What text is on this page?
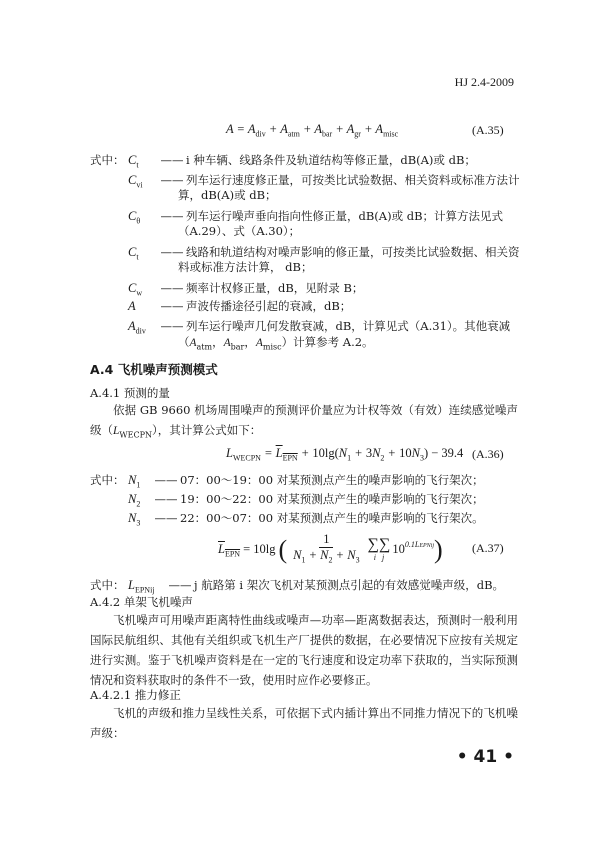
HJ 2.4-2009
$A = A_{div} + A_{atm} + A_{bar} + A_{gr} + A_{misc}$	(A.35)
式中： $C_t$	—— i 种车辆、线路条件及轨道结构等修正量，dB(A)或 dB；
$C_{vi}$	—— 列车运行速度修正量，可按类比试验数据、相关资料或标准方法计
算，dB(A)或 dB；
$C_\theta$	—— 列车运行噪声垂向指向性修正量，dB(A)或 dB；计算方法见式
（A.29）、式（A.30）；
$C_t$	—— 线路和轨道结构对噪声影响的修正量，可按类比试验数据、相关资
料或标准方法计算， dB；
$C_w$	—— 频率计权修正量，dB，见附录 B；
A	—— 声波传播途径引起的衰减，dB；
$A_{div}$	—— 列车运行噪声几何发散衰减，dB，计算见式（A.31）。其他衰减
（$A_{atm}$，$A_{bar}$，$A_{misc}$）计算参考 A.2。
A.4 飞机噪声预测模式
A.4.1 预测的量
依据 GB 9660 机场周围噪声的预测评价量应为计权等效（有效）连续感觉噪声级$(L_{WECPN})$，其计算公式如下：
$L_{WECPN} = L_{EPN} + 10\lg(N_1 + 3N_2 + 10N_3) - 39.4$ (A.36)
式中： $N_1$	—— 07：00～19：00 对某预测点产生的噪声影响的飞行架次；
$N_2$	—— 19：00～22：00 对某预测点产生的噪声影响的飞行架次；
$N_3$	—— 22：00～07：00 对某预测点产生的噪声影响的飞行架次。
$L_{EPN} = 10\lg$ ( $\frac{1}{N_1 + N_2 + N_3}$ ∑∑
i   j
$10^{0.1LEPNij}$ ) (A.37)
式中： $L_{EPNij}$	—— j 航路第 i 架次飞机对某预测点引起的有效感觉噪声级，dB。
A.4.2 单架飞机噪声
飞机噪声可用噪声距离特性曲线或噪声—功率—距离数据表达，预测时一般利用国际民航组织、其他有关组织或飞机生产厂提供的数据，在必要情况下应按有关规定进行实测。鉴于飞机噪声资料是在一定的飞行速度和设定功率下获取的，当实际预测情况和资料获取时的条件不一致，使用时应作必要修正。
A.4.2.1 推力修正
飞机的声级和推力呈线性关系，可依据下式内插计算出不同推力情况下的飞机噪声级：
• 41 •
